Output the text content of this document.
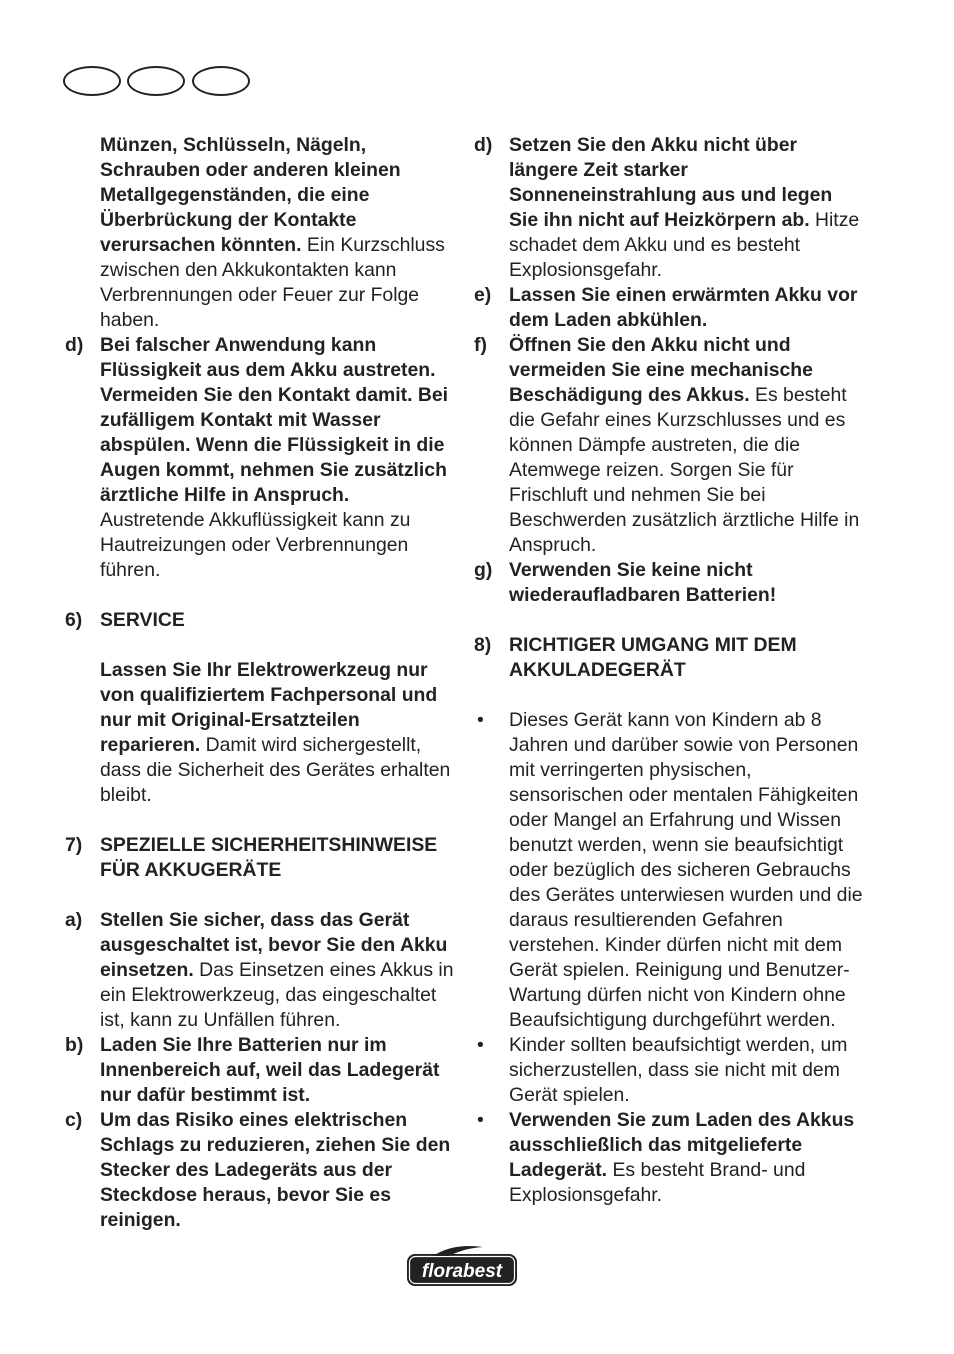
Münzen, Schlüsseln, Nägeln, Schrauben oder anderen kleinen Metallgegenständen, die eine Überbrückung der Kontakte verursachen könnten. Ein Kurzschluss zwischen den Akkukontakten kann Verbrennungen oder Feuer zur Folge haben.
d) Bei falscher Anwendung kann Flüssigkeit aus dem Akku austreten. Vermeiden Sie den Kontakt damit. Bei zufälligem Kontakt mit Wasser abspülen. Wenn die Flüssigkeit in die Augen kommt, nehmen Sie zusätzlich ärztliche Hilfe in Anspruch. Austretende Akkuflüssigkeit kann zu Hautreizungen oder Verbrennungen führen.
6) SERVICE
Lassen Sie Ihr Elektrowerkzeug nur von qualifiziertem Fachpersonal und nur mit Original-Ersatzteilen reparieren. Damit wird sichergestellt, dass die Sicherheit des Gerätes erhalten bleibt.
7) SPEZIELLE SICHERHEITSHINWEISE FÜR AKKUGERÄTE
a) Stellen Sie sicher, dass das Gerät ausgeschaltet ist, bevor Sie den Akku einsetzen. Das Einsetzen eines Akkus in ein Elektrowerkzeug, das eingeschaltet ist, kann zu Unfällen führen.
b) Laden Sie Ihre Batterien nur im Innenbereich auf, weil das Ladegerät nur dafür bestimmt ist.
c) Um das Risiko eines elektrischen Schlags zu reduzieren, ziehen Sie den Stecker des Ladegeräts aus der Steckdose heraus, bevor Sie es reinigen.
d) Setzen Sie den Akku nicht über längere Zeit starker Sonneneinstrahlung aus und legen Sie ihn nicht auf Heizkörpern ab. Hitze schadet dem Akku und es besteht Explosionsgefahr.
e) Lassen Sie einen erwärmten Akku vor dem Laden abkühlen.
f) Öffnen Sie den Akku nicht und vermeiden Sie eine mechanische Beschädigung des Akkus. Es besteht die Gefahr eines Kurzschlusses und es können Dämpfe austreten, die die Atemwege reizen. Sorgen Sie für Frischluft und nehmen Sie bei Beschwerden zusätzlich ärztliche Hilfe in Anspruch.
g) Verwenden Sie keine nicht wiederaufladbaren Batterien!
8) RICHTIGER UMGANG MIT DEM AKKULADEGERÄT
• Dieses Gerät kann von Kindern ab 8 Jahren und darüber sowie von Personen mit verringerten physischen, sensorischen oder mentalen Fähigkeiten oder Mangel an Erfahrung und Wissen benutzt werden, wenn sie beaufsichtigt oder bezüglich des sicheren Gebrauchs des Gerätes unterwiesen wurden und die daraus resultierenden Gefahren verstehen. Kinder dürfen nicht mit dem Gerät spielen. Reinigung und Benutzer-Wartung dürfen nicht von Kindern ohne Beaufsichtigung durchgeführt werden.
• Kinder sollten beaufsichtigt werden, um sicherzustellen, dass sie nicht mit dem Gerät spielen.
• Verwenden Sie zum Laden des Akkus ausschließlich das mitgelieferte Ladegerät. Es besteht Brand- und Explosionsgefahr.
florabest
